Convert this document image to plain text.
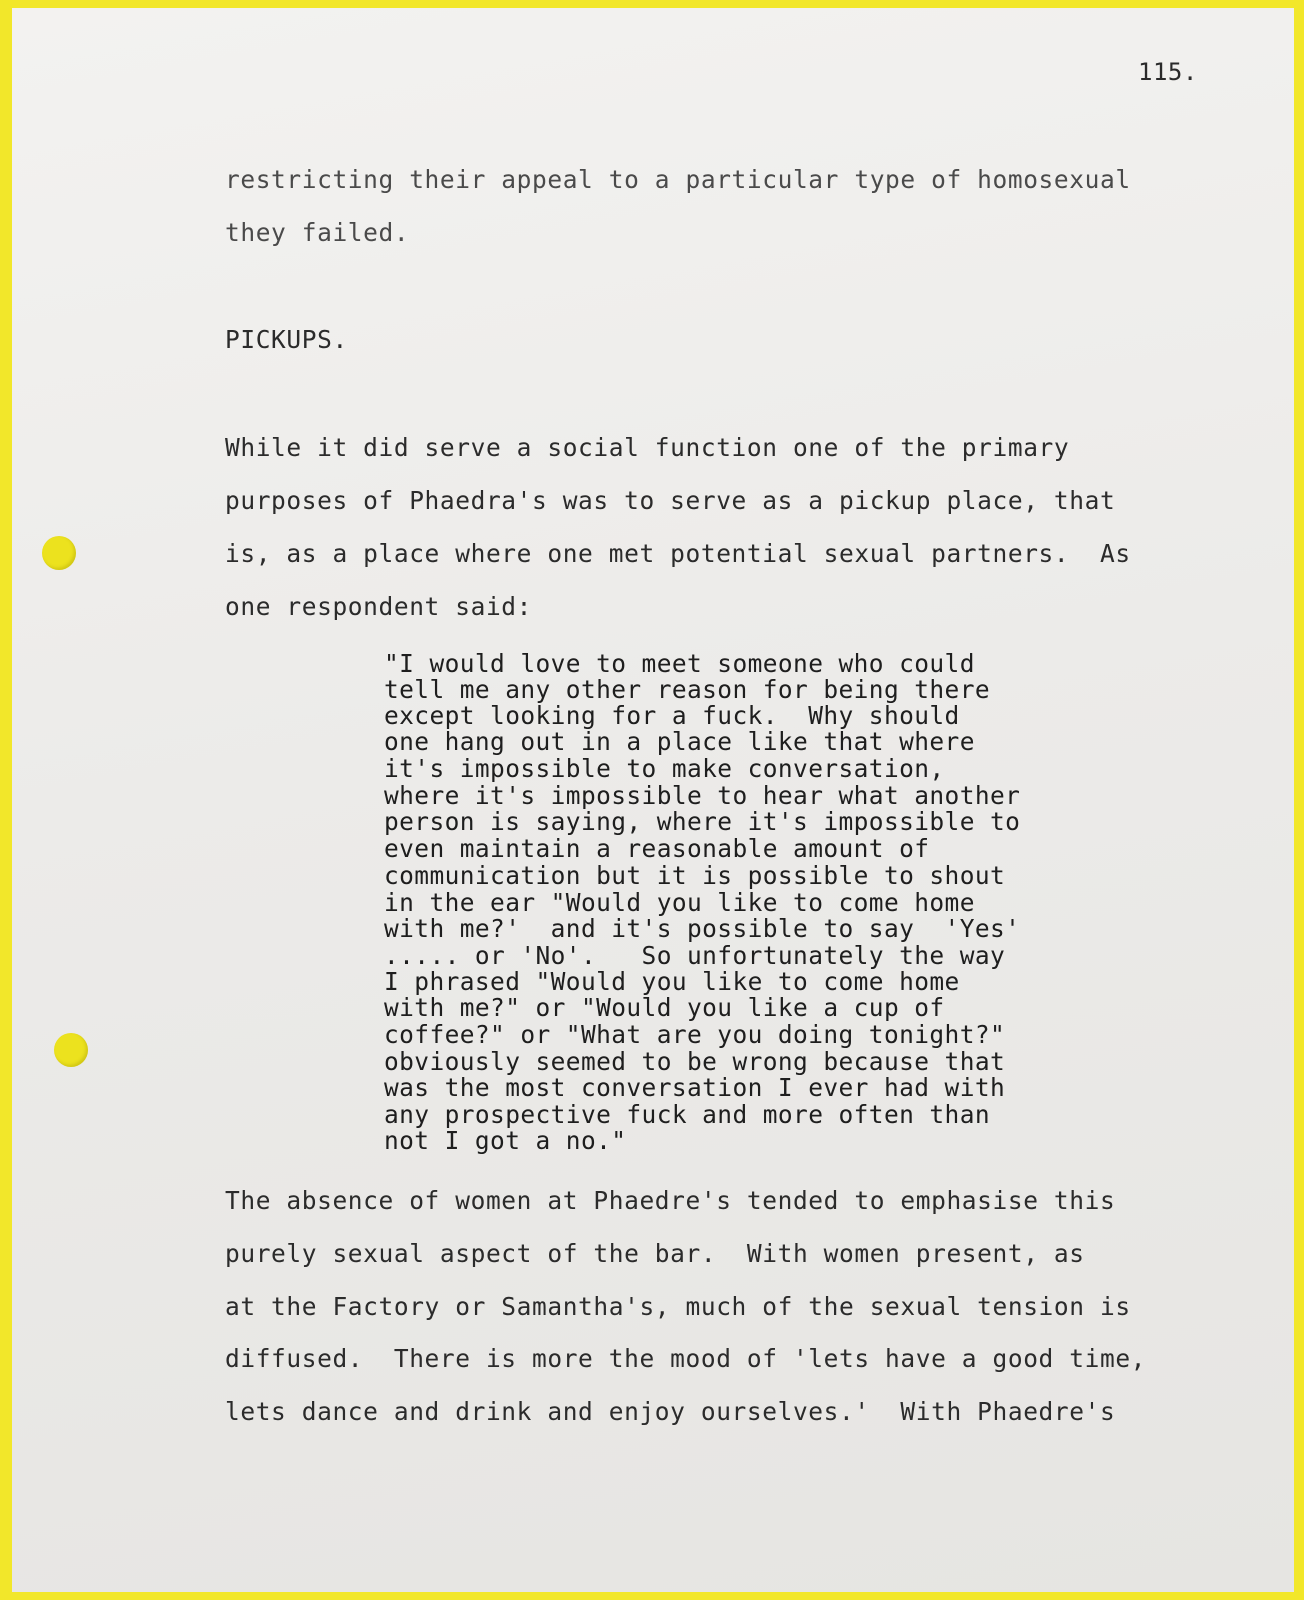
115.
restricting their appeal to a particular type of homosexual
they failed.
PICKUPS.
While it did serve a social function one of the primary
purposes of Phaedra's was to serve as a pickup place, that
is, as a place where one met potential sexual partners.  As
one respondent said:
"I would love to meet someone who could
tell me any other reason for being there
except looking for a fuck.  Why should
one hang out in a place like that where
it's impossible to make conversation,
where it's impossible to hear what another
person is saying, where it's impossible to
even maintain a reasonable amount of
communication but it is possible to shout
in the ear "Would you like to come home
with me?'  and it's possible to say  'Yes'
..... or 'No'.   So unfortunately the way
I phrased "Would you like to come home
with me?" or "Would you like a cup of
coffee?" or "What are you doing tonight?"
obviously seemed to be wrong because that
was the most conversation I ever had with
any prospective fuck and more often than
not I got a no."
The absence of women at Phaedre's tended to emphasise this
purely sexual aspect of the bar.  With women present, as
at the Factory or Samantha's, much of the sexual tension is
diffused.  There is more the mood of 'lets have a good time,
lets dance and drink and enjoy ourselves.'  With Phaedre's
